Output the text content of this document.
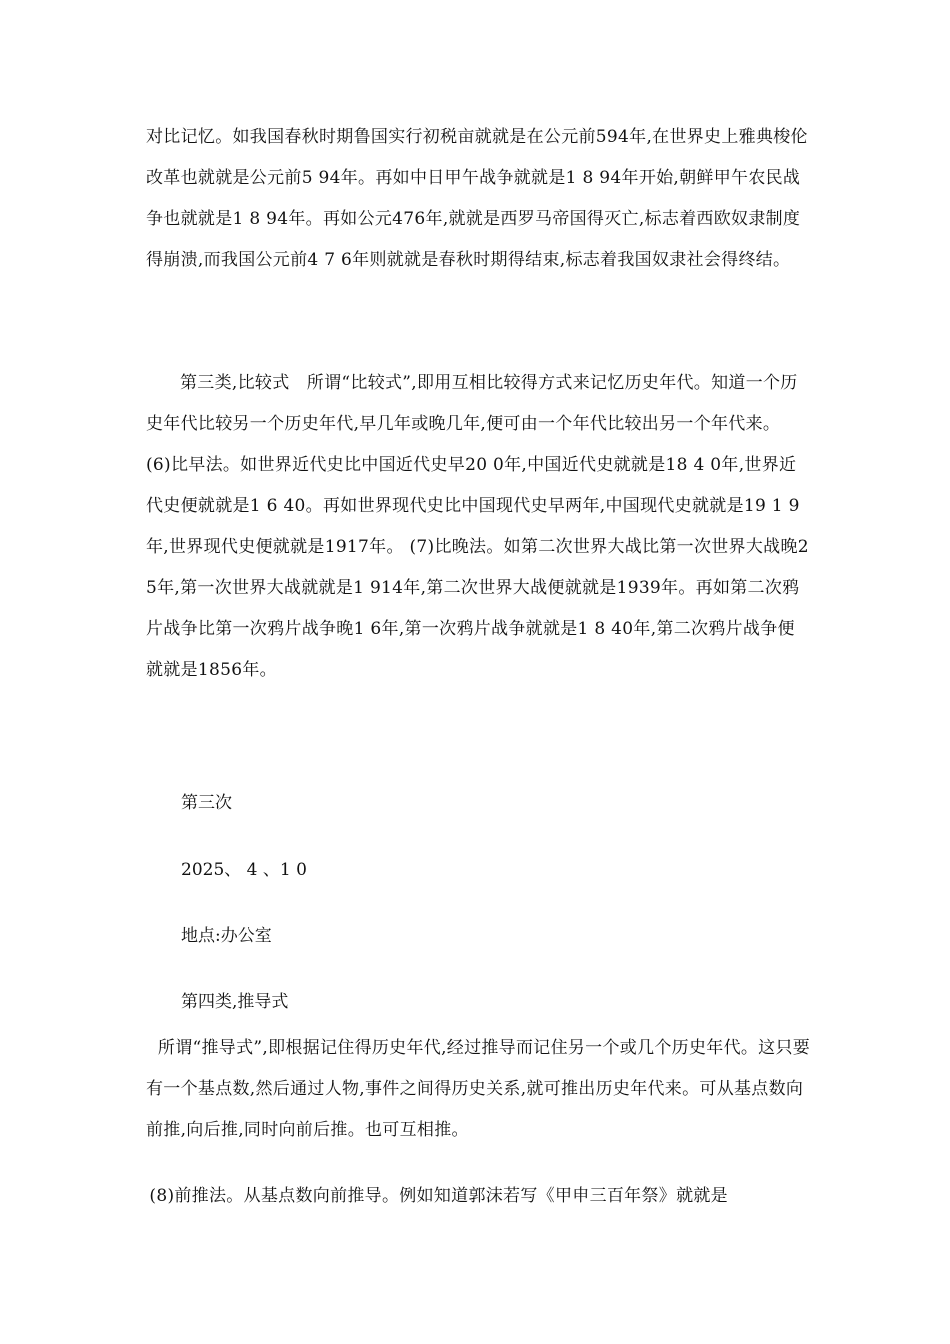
对比记忆。如我国春秋时期鲁国实行初税亩就就是在公元前594年,在世界史上雅典梭伦改革也就就是公元前5 94年。再如中日甲午战争就就是1 8 94年开始,朝鲜甲午农民战争也就就是1 8 94年。再如公元476年,就就是西罗马帝国得灭亡,标志着西欧奴隶制度得崩溃,而我国公元前4 7 6年则就就是春秋时期得结束,标志着我国奴隶社会得终结。

第三类,比较式　所谓“比较式”,即用互相比较得方式来记忆历史年代。知道一个历史年代比较另一个历史年代,早几年或晚几年,便可由一个年代比较出另一个年代来。　(6)比早法。如世界近代史比中国近代史早20 0年,中国近代史就就是18 4 0年,世界近代史便就就是1 6 40。再如世界现代史比中国现代史早两年,中国现代史就就是19 1 9年,世界现代史便就就是1917年。 (7)比晚法。如第二次世界大战比第一次世界大战晚2 5年,第一次世界大战就就是1 914年,第二次世界大战便就就是1939年。再如第二次鸦片战争比第一次鸦片战争晚1 6年,第一次鸦片战争就就是1 8 40年,第二次鸦片战争便就就是1856年。

第三次

2025、 4 、1 0

地点:办公室

第四类,推导式

所谓“推导式”,即根据记住得历史年代,经过推导而记住另一个或几个历史年代。这只要有一个基点数,然后通过人物,事件之间得历史关系,就可推出历史年代来。可从基点数向前推,向后推,同时向前后推。也可互相推。

(8)前推法。从基点数向前推导。例如知道郭沫若写《甲申三百年祭》就就是
